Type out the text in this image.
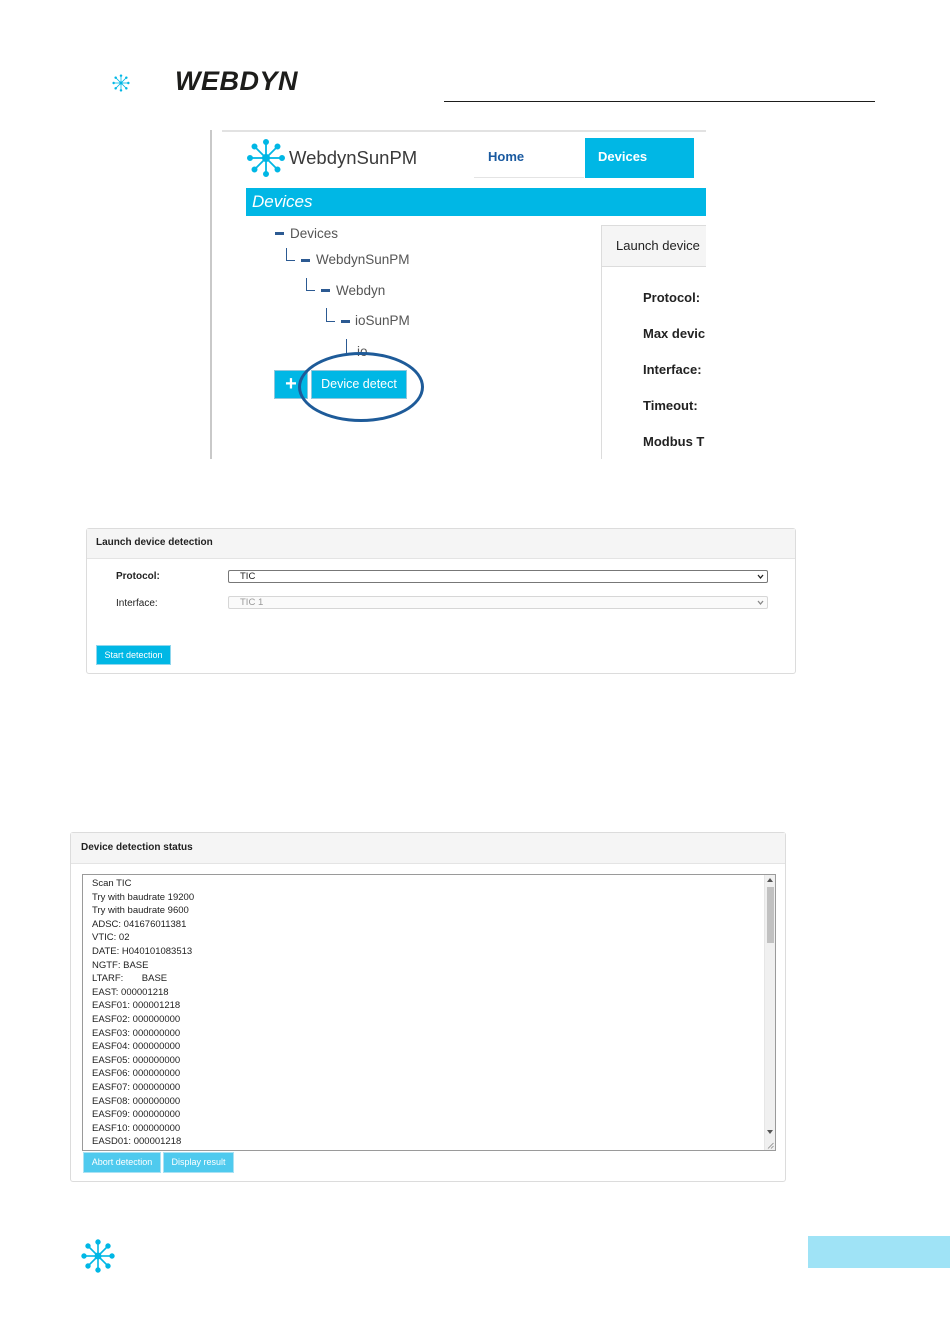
WEBDYN
WebdynSunPM	Home	Devices
Devices
Devices
WebdynSunPM
Webdyn
ioSunPM
io
+	Device detect
Launch device
Protocol:
Max devic
Interface:
Timeout:
Modbus T
Launch device detection
Protocol:	TIC
Interface:	TIC 1
Start detection
Device detection status
Scan TIC
Try with baudrate 19200
Try with baudrate 9600
ADSC: 041676011381
VTIC: 02
DATE: H040101083513
NGTF: BASE
LTARF:       BASE
EAST: 000001218
EASF01: 000001218
EASF02: 000000000
EASF03: 000000000
EASF04: 000000000
EASF05: 000000000
EASF06: 000000000
EASF07: 000000000
EASF08: 000000000
EASF09: 000000000
EASF10: 000000000
EASD01: 000001218
Abort detection	Display result
